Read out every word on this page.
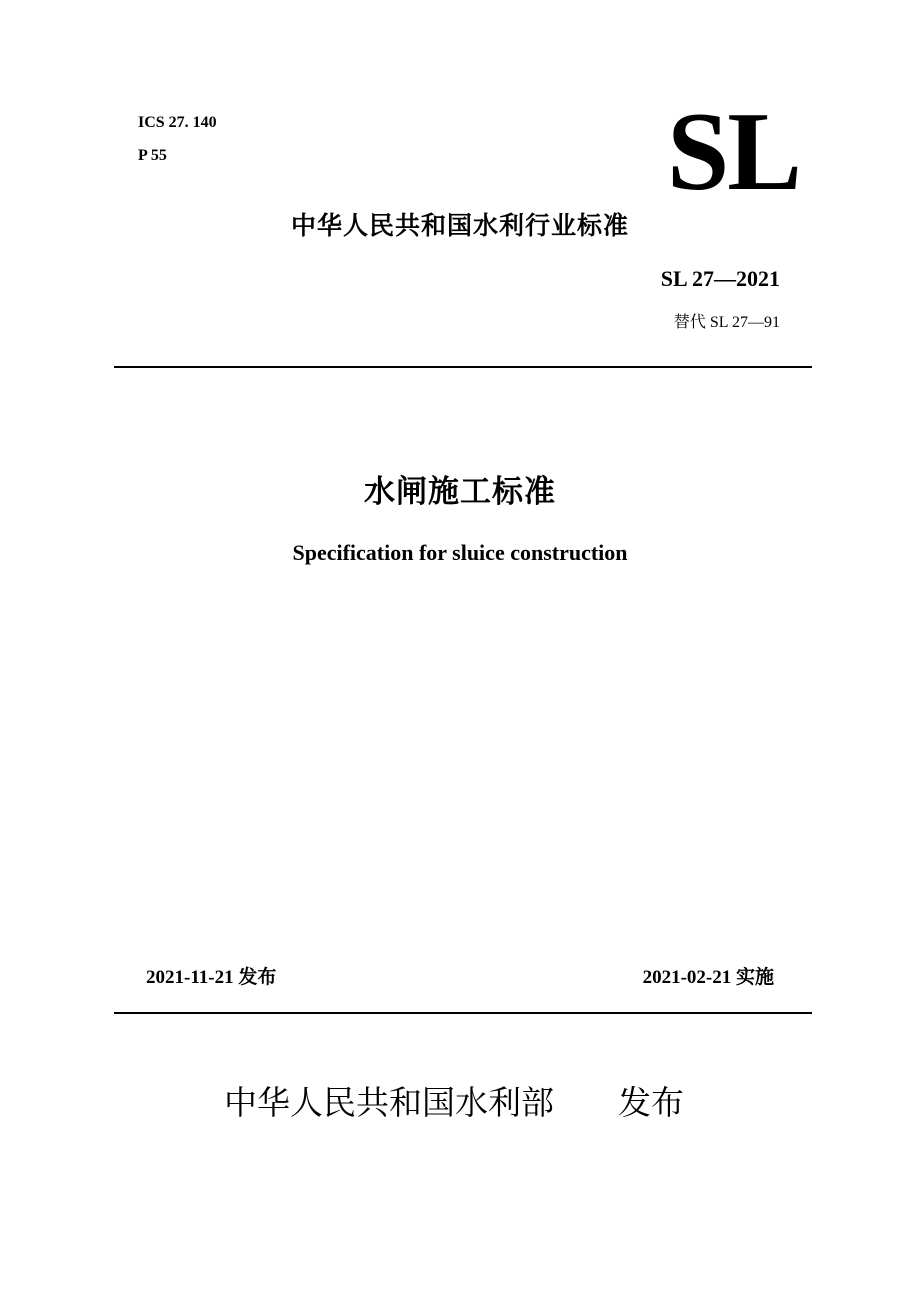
ICS 27. 140
P 55	SL
中华人民共和国水利行业标准
SL 27—2021
替代 SL 27—91
水闸施工标准
Specification for sluice construction
2021-11-21 发布	2021-02-21 实施
中华人民共和国水利部 发布
